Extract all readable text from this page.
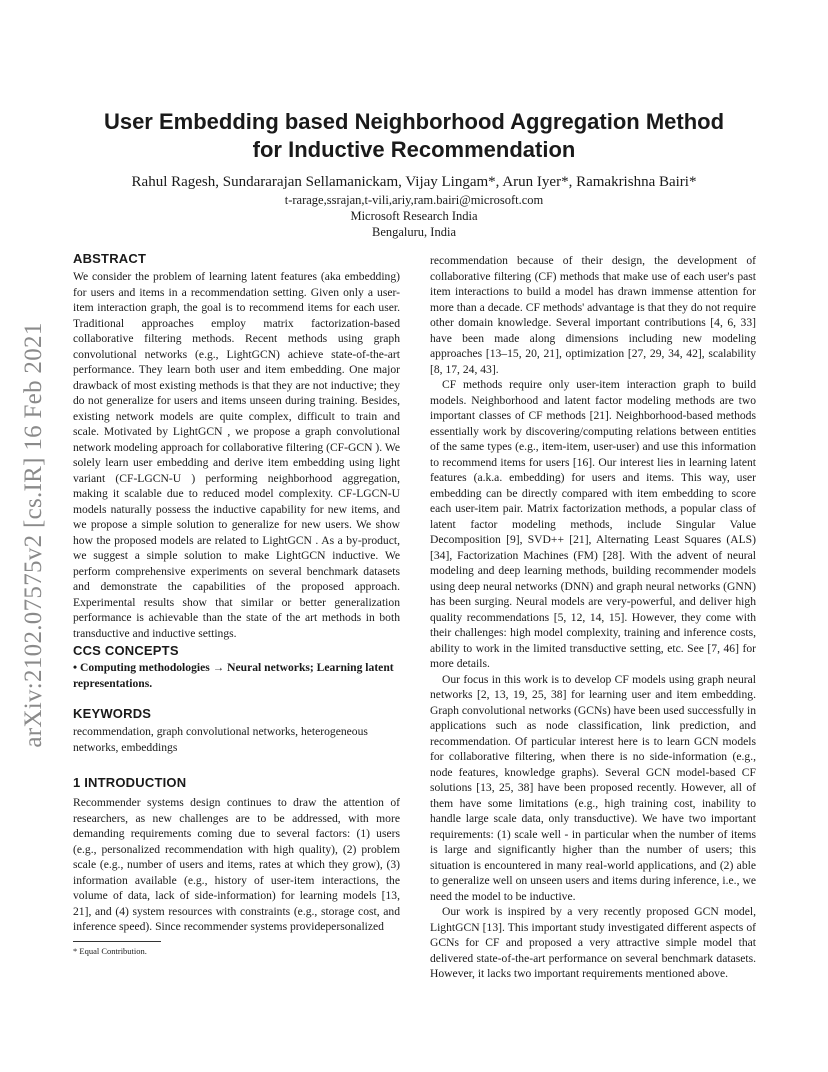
User Embedding based Neighborhood Aggregation Method
for Inductive Recommendation
Rahul Ragesh, Sundararajan Sellamanickam, Vijay Lingam*, Arun Iyer*, Ramakrishna Bairi*
t-rarage,ssrajan,t-vili,ariy,ram.bairi@microsoft.com
Microsoft Research India
Bengaluru, India
arXiv:2102.07575v2 [cs.IR] 16 Feb 2021
ABSTRACT

We consider the problem of learning latent features (aka embedding) for users and items in a recommendation setting. Given only a user-item interaction graph, the goal is to recommend items for each user. Traditional approaches employ matrix factorization-based collaborative filtering methods. Recent methods using graph convolutional networks (e.g., LightGCN) achieve state-of-the-art performance. They learn both user and item embedding. One major drawback of most existing methods is that they are not inductive; they do not generalize for users and items unseen during training. Besides, existing network models are quite complex, difficult to train and scale. Motivated by LightGCN , we propose a graph convolutional network modeling approach for collaborative filtering (CF-GCN ). We solely learn user embedding and derive item embedding using light variant (CF-LGCN-U ) performing neighborhood aggregation, making it scalable due to reduced model complexity. CF-LGCN-U models naturally possess the inductive capability for new items, and we propose a simple solution to generalize for new users. We show how the proposed models are related to LightGCN . As a by-product, we suggest a simple solution to make LightGCN inductive. We perform comprehensive experiments on several benchmark datasets and demonstrate the capabilities of the proposed approach. Experimental results show that similar or better generalization performance is achievable than the state of the art methods in both transductive and inductive settings.

CCS CONCEPTS

• Computing methodologies → Neural networks; Learning latent representations.

KEYWORDS

recommendation, graph convolutional networks, heterogeneous networks, embeddings

1 INTRODUCTION

Recommender systems design continues to draw the attention of researchers, as new challenges are to be addressed, with more demanding requirements coming due to several factors: (1) users (e.g., personalized recommendation with high quality), (2) problem scale (e.g., number of users and items, rates at which they grow), (3) information available (e.g., history of user-item interactions, the volume of data, lack of side-information) for learning models [13, 21], and (4) system resources with constraints (e.g., storage cost, and inference speed). Since recommender systems providepersonalized

* Equal Contribution.

recommendation because of their design, the development of collaborative filtering (CF) methods that make use of each user's past item interactions to build a model has drawn immense attention for more than a decade. CF methods' advantage is that they do not require other domain knowledge. Several important contributions [4, 6, 33] have been made along dimensions including new modeling approaches [13–15, 20, 21], optimization [27, 29, 34, 42], scalability [8, 17, 24, 43].

CF methods require only user-item interaction graph to build models. Neighborhood and latent factor modeling methods are two important classes of CF methods [21]. Neighborhood-based methods essentially work by discovering/computing relations between entities of the same types (e.g., item-item, user-user) and use this information to recommend items for users [16]. Our interest lies in learning latent features (a.k.a. embedding) for users and items. This way, user embedding can be directly compared with item embedding to score each user-item pair. Matrix factorization methods, a popular class of latent factor modeling methods, include Singular Value Decomposition [9], SVD++ [21], Alternating Least Squares (ALS) [34], Factorization Machines (FM) [28]. With the advent of neural modeling and deep learning methods, building recommender models using deep neural networks (DNN) and graph neural networks (GNN) has been surging. Neural models are very-powerful, and deliver high quality recommendations [5, 12, 14, 15]. However, they come with their challenges: high model complexity, training and inference costs, ability to work in the limited transductive setting, etc. See [7, 46] for more details.

Our focus in this work is to develop CF models using graph neural networks [2, 13, 19, 25, 38] for learning user and item embedding. Graph convolutional networks (GCNs) have been used successfully in applications such as node classification, link prediction, and recommendation. Of particular interest here is to learn GCN models for collaborative filtering, when there is no side-information (e.g., node features, knowledge graphs). Several GCN model-based CF solutions [13, 25, 38] have been proposed recently. However, all of them have some limitations (e.g., high training cost, inability to handle large scale data, only transductive). We have two important requirements: (1) scale well - in particular when the number of items is large and significantly higher than the number of users; this situation is encountered in many real-world applications, and (2) able to generalize well on unseen users and items during inference, i.e., we need the model to be inductive.

Our work is inspired by a very recently proposed GCN model, LightGCN [13]. This important study investigated different aspects of GCNs for CF and proposed a very attractive simple model that delivered state-of-the-art performance on several benchmark datasets. However, it lacks two important requirements mentioned above.
